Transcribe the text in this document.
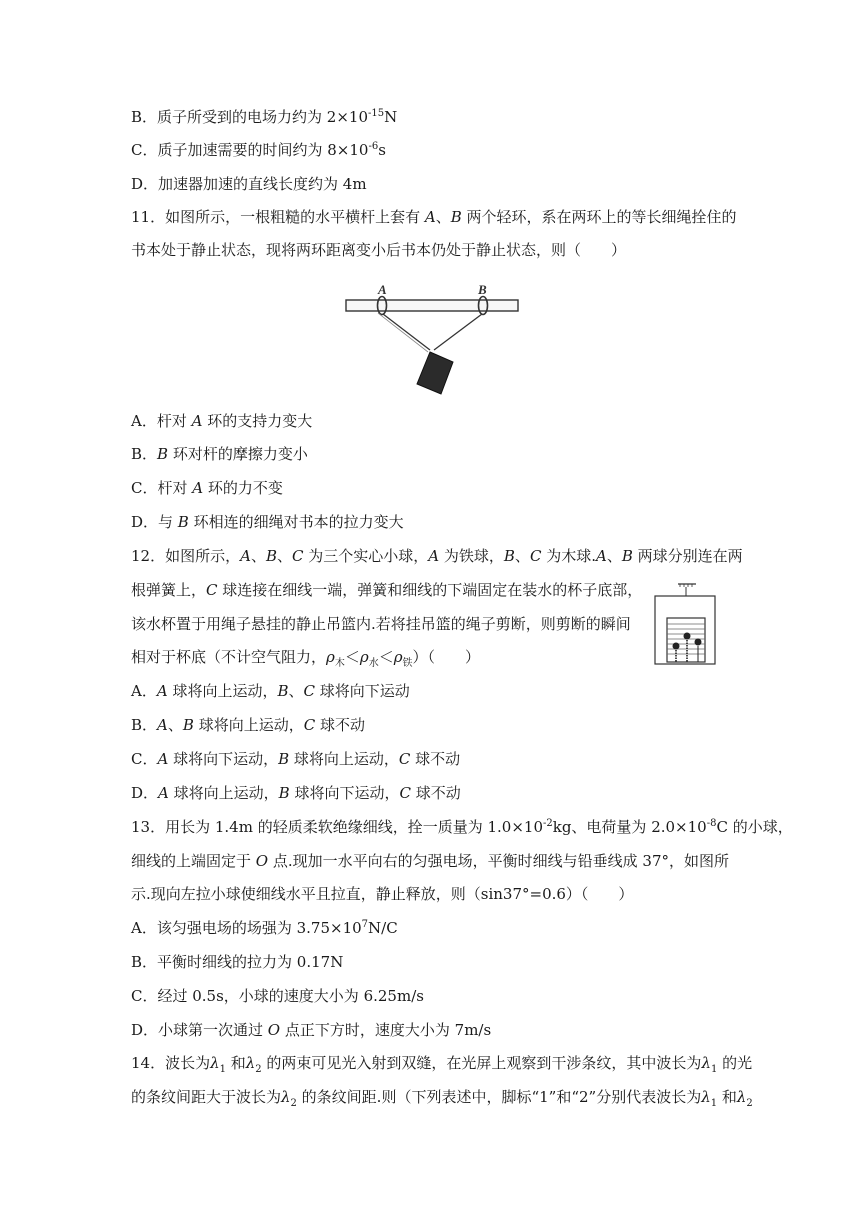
B．质子所受到的电场力约为 $2\times 10^{-15}N$
C．质子加速需要的时间约为 $8\times 10^{-6}s$
D．加速器加速的直线长度约为 4m
11．如图所示，一根粗糙的水平横杆上套有 A、B 两个轻环，系在两环上的等长细绳拴住的
书本处于静止状态，现将两环距离变小后书本仍处于静止状态，则（　　）
A．杆对 A 环的支持力变大
B．B 环对杆的摩擦力变小
C．杆对 A 环的力不变
D．与 B 环相连的细绳对书本的拉力变大
12．如图所示，A、B、C 为三个实心小球，A 为铁球，B、C 为木球.A、B 两球分别连在两
根弹簧上，C 球连接在细线一端，弹簧和细线的下端固定在装水的杯子底部，
该水杯置于用绳子悬挂的静止吊篮内.若将挂吊篮的绳子剪断，则剪断的瞬间
相对于杯底（不计空气阻力，$\rho_木<\rho_水<\rho_铁$）（　　）
A．A 球将向上运动，B、C 球将向下运动
B．A、B 球将向上运动，C 球不动
C．A 球将向下运动，B 球将向上运动，C 球不动
D．A 球将向上运动，B 球将向下运动，C 球不动
13．用长为 1.4m 的轻质柔软绝缘细线，拴一质量为 $1.0\times 10^{-2}kg$、电荷量为 $2.0\times 10^{-8}C$ 的小球，
细线的上端固定于 O 点.现加一水平向右的匀强电场，平衡时细线与铅垂线成 37°，如图所
示.现向左拉小球使细线水平且拉直，静止释放，则（sin37°=0.6）（　　）
A．该匀强电场的场强为 $3.75\times 10^7N/C$
B．平衡时细线的拉力为 0.17N
C．经过 0.5s，小球的速度大小为 6.25m/s
D．小球第一次通过 O 点正下方时，速度大小为 7m/s
14．波长为$\lambda_1$ 和$\lambda_2$ 的两束可见光入射到双缝，在光屏上观察到干涉条纹，其中波长为$\lambda_1$ 的光
的条纹间距大于波长为$\lambda_2$ 的条纹间距.则（下列表述中，脚标“1”和“2”分别代表波长为$\lambda_1$ 和$\lambda_2$
A	B
